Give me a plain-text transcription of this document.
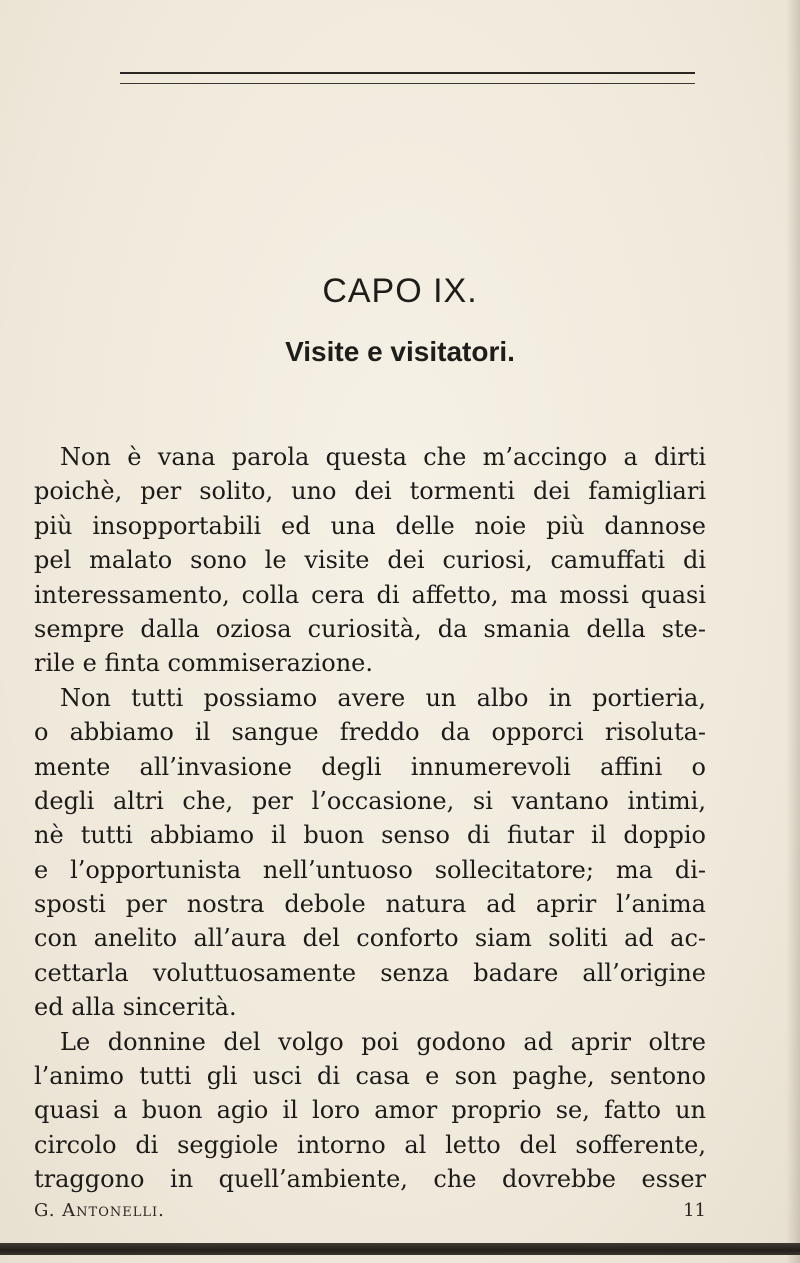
CAPO IX.
Visite e visitatori.
Non è vana parola questa che m’accingo a dirti
poichè, per solito, uno dei tormenti dei famigliari
più insopportabili ed una delle noie più dannose
pel malato sono le visite dei curiosi, camuffati di
interessamento, colla cera di affetto, ma mossi quasi
sempre dalla oziosa curiosità, da smania della ste-
rile e finta commiserazione.
Non tutti possiamo avere un albo in portieria,
o abbiamo il sangue freddo da opporci risoluta-
mente all’invasione degli innumerevoli affini o
degli altri che, per l’occasione, si vantano intimi,
nè tutti abbiamo il buon senso di fiutar il doppio
e l’opportunista nell’untuoso sollecitatore; ma di-
sposti per nostra debole natura ad aprir l’anima
con anelito all’aura del conforto siam soliti ad ac-
cettarla voluttuosamente senza badare all’origine
ed alla sincerità.
Le donnine del volgo poi godono ad aprir oltre
l’animo tutti gli usci di casa e son paghe, sentono
quasi a buon agio il loro amor proprio se, fatto un
circolo di seggiole intorno al letto del sofferente,
traggono in quell’ambiente, che dovrebbe esser
G. Antonelli.	11
